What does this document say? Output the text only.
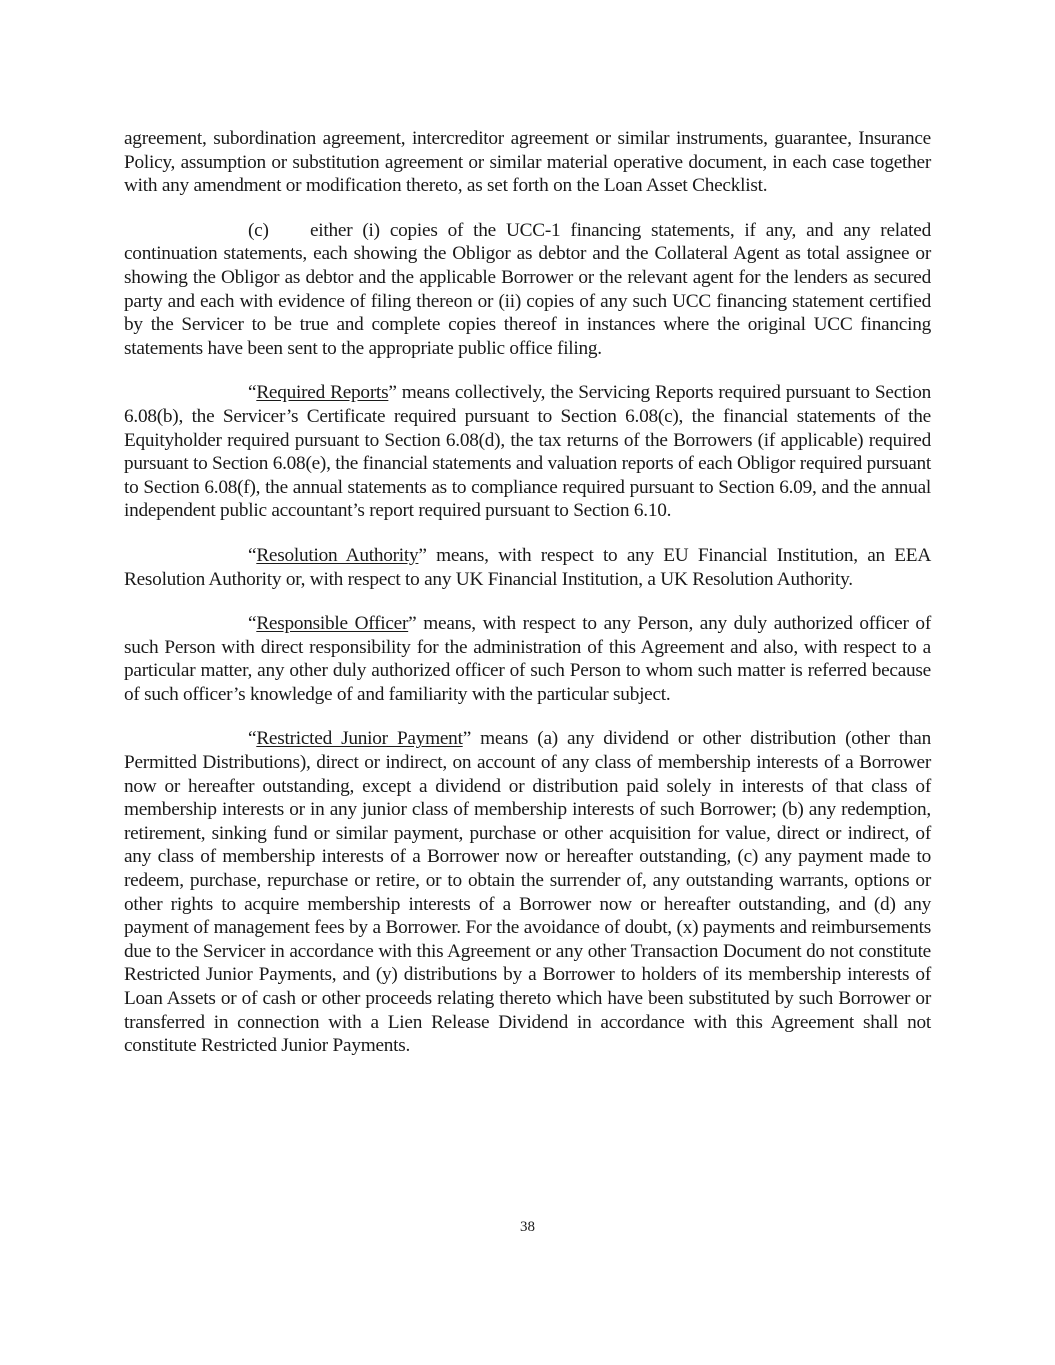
agreement, subordination agreement, intercreditor agreement or similar instruments, guarantee, Insurance Policy, assumption or substitution agreement or similar material operative document, in each case together with any amendment or modification thereto, as set forth on the Loan Asset Checklist.

(c) either (i) copies of the UCC-1 financing statements, if any, and any related continuation statements, each showing the Obligor as debtor and the Collateral Agent as total assignee or showing the Obligor as debtor and the applicable Borrower or the relevant agent for the lenders as secured party and each with evidence of filing thereon or (ii) copies of any such UCC financing statement certified by the Servicer to be true and complete copies thereof in instances where the original UCC financing statements have been sent to the appropriate public office filing.

“Required Reports” means collectively, the Servicing Reports required pursuant to Section 6.08(b), the Servicer’s Certificate required pursuant to Section 6.08(c), the financial statements of the Equityholder required pursuant to Section 6.08(d), the tax returns of the Borrowers (if applicable) required pursuant to Section 6.08(e), the financial statements and valuation reports of each Obligor required pursuant to Section 6.08(f), the annual statements as to compliance required pursuant to Section 6.09, and the annual independent public accountant’s report required pursuant to Section 6.10.

“Resolution Authority” means, with respect to any EU Financial Institution, an EEA Resolution Authority or, with respect to any UK Financial Institution, a UK Resolution Authority.

“Responsible Officer” means, with respect to any Person, any duly authorized officer of such Person with direct responsibility for the administration of this Agreement and also, with respect to a particular matter, any other duly authorized officer of such Person to whom such matter is referred because of such officer’s knowledge of and familiarity with the particular subject.

“Restricted Junior Payment” means (a) any dividend or other distribution (other than Permitted Distributions), direct or indirect, on account of any class of membership interests of a Borrower now or hereafter outstanding, except a dividend or distribution paid solely in interests of that class of membership interests or in any junior class of membership interests of such Borrower; (b) any redemption, retirement, sinking fund or similar payment, purchase or other acquisition for value, direct or indirect, of any class of membership interests of a Borrower now or hereafter outstanding, (c) any payment made to redeem, purchase, repurchase or retire, or to obtain the surrender of, any outstanding warrants, options or other rights to acquire membership interests of a Borrower now or hereafter outstanding, and (d) any payment of management fees by a Borrower. For the avoidance of doubt, (x) payments and reimbursements due to the Servicer in accordance with this Agreement or any other Transaction Document do not constitute Restricted Junior Payments, and (y) distributions by a Borrower to holders of its membership interests of Loan Assets or of cash or other proceeds relating thereto which have been substituted by such Borrower or transferred in connection with a Lien Release Dividend in accordance with this Agreement shall not constitute Restricted Junior Payments.

38
